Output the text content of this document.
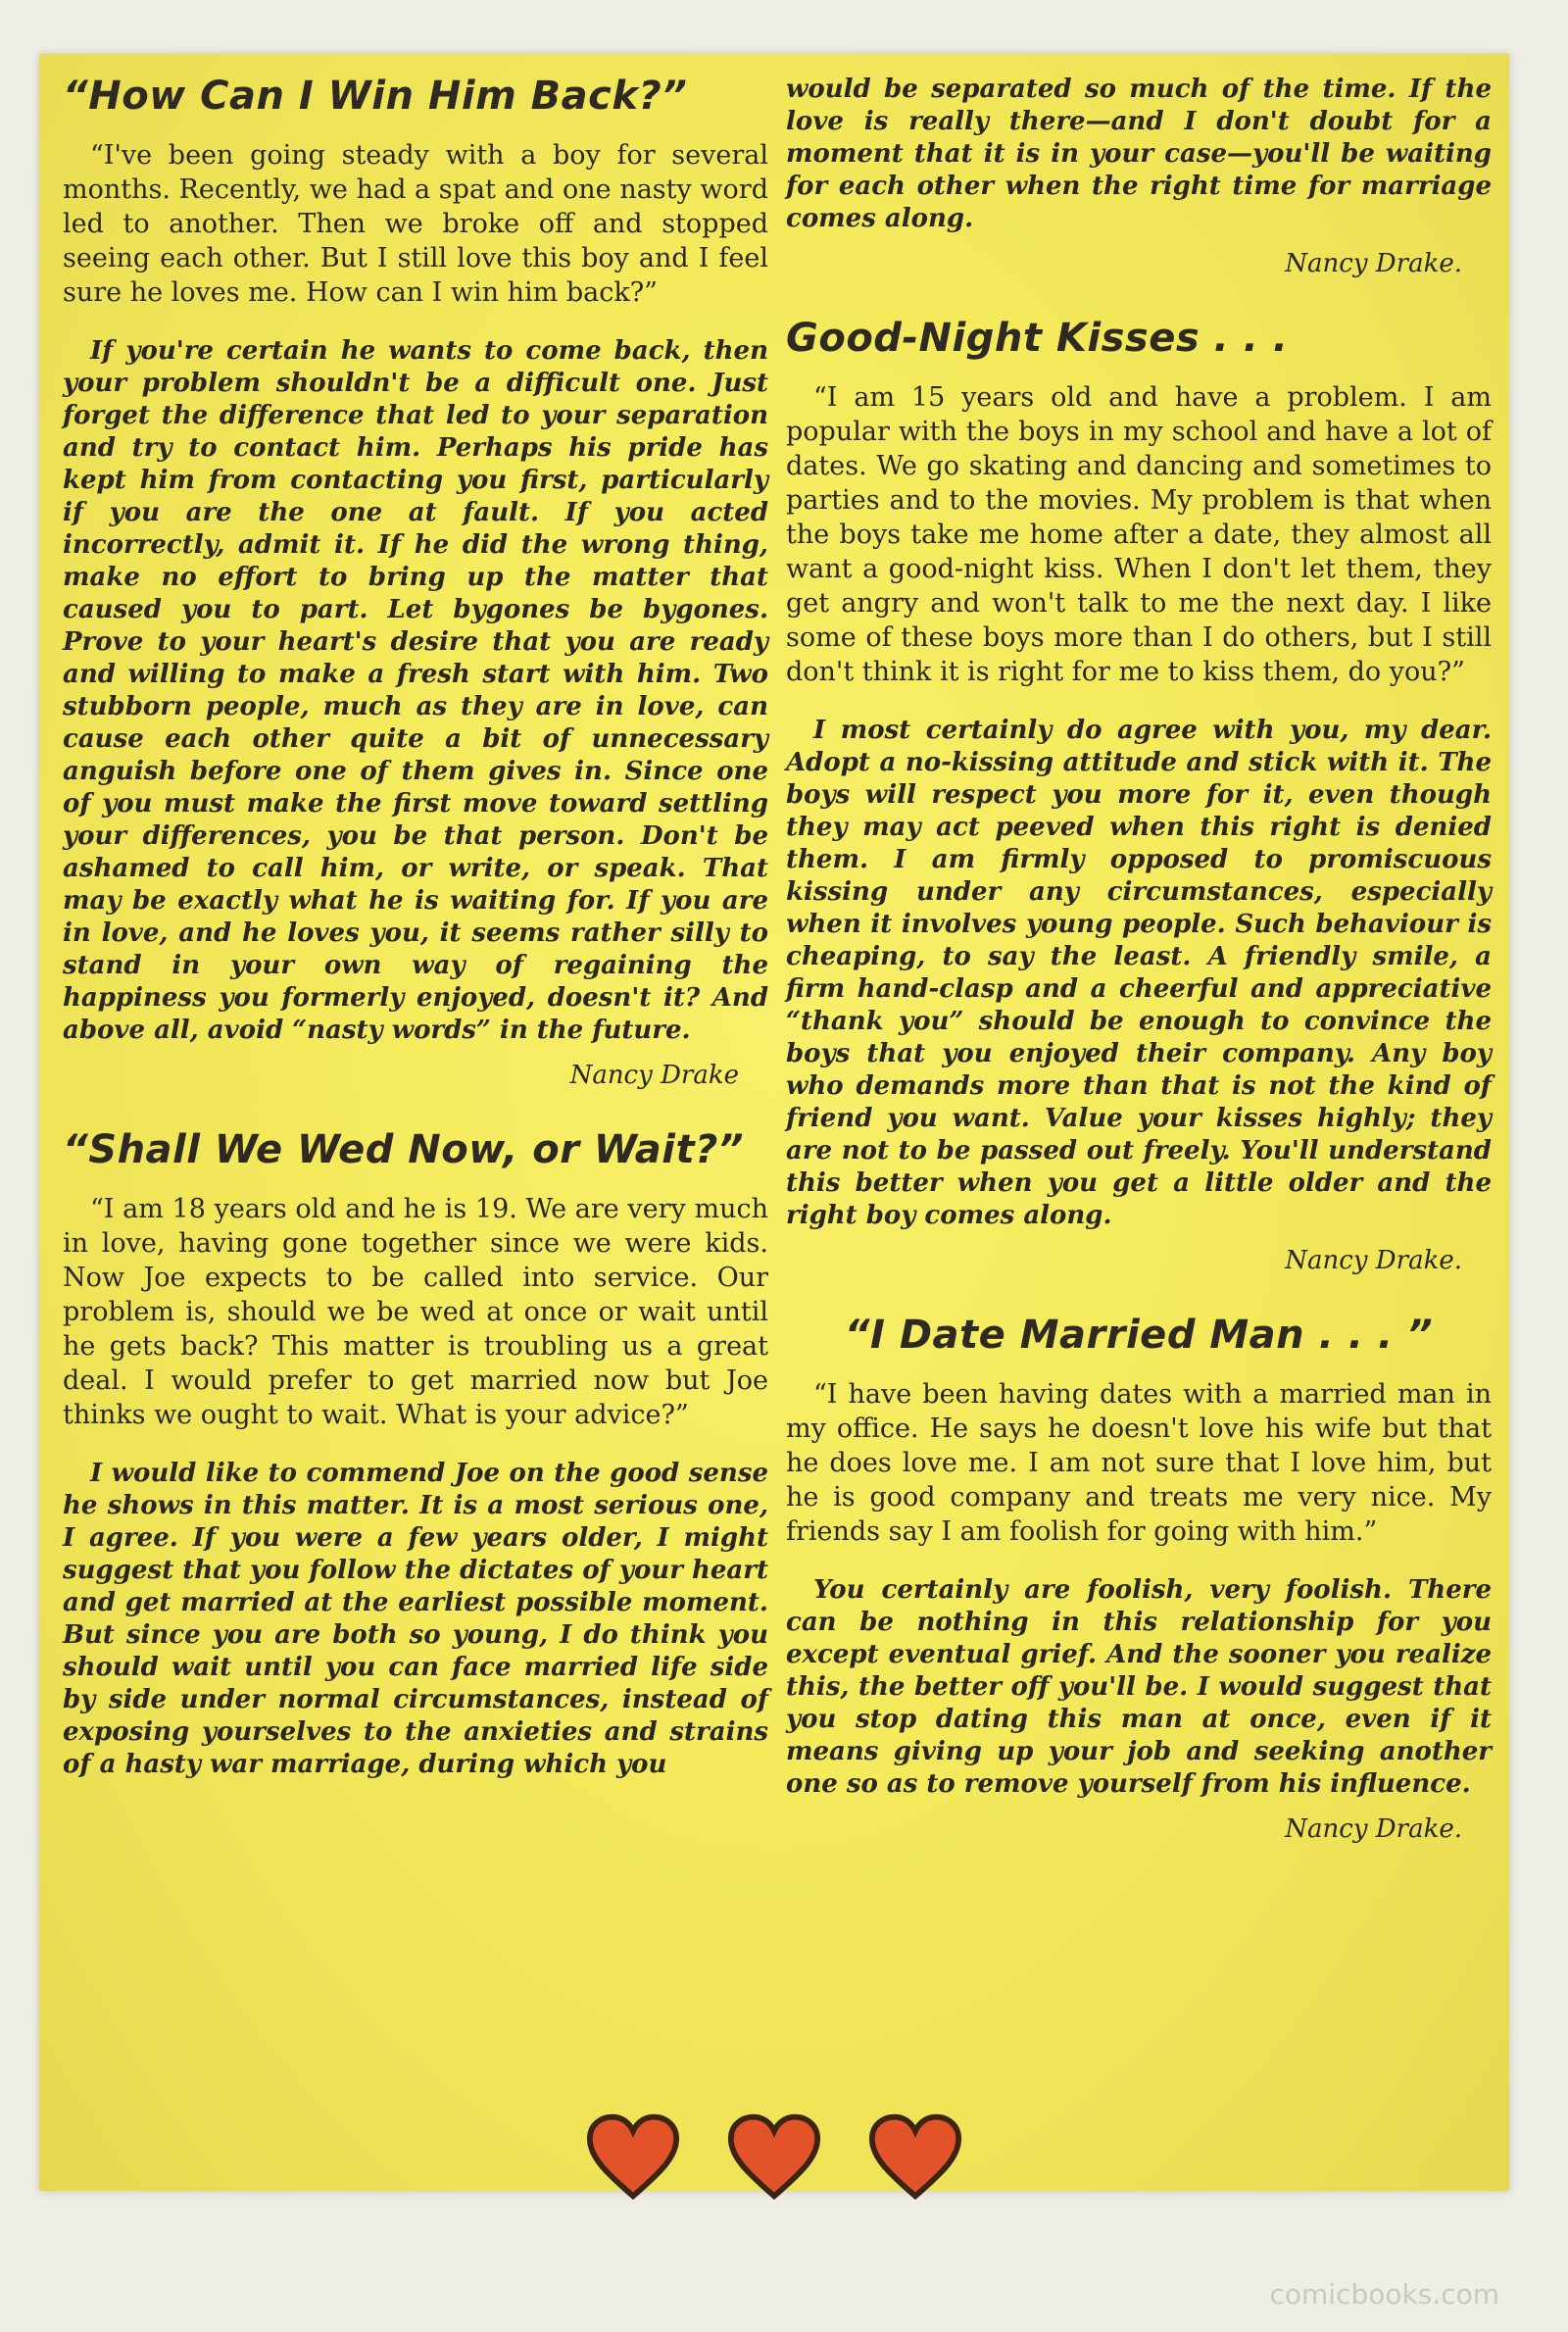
“How Can I Win Him Back?”

“I've been going steady with a boy for several months. Recently, we had a spat and one nasty word led to another. Then we broke off and stopped seeing each other. But I still love this boy and I feel sure he loves me. How can I win him back?”

If you're certain he wants to come back, then your problem shouldn't be a difficult one. Just forget the difference that led to your separation and try to contact him. Perhaps his pride has kept him from contacting you first, particularly if you are the one at fault. If you acted incorrectly, admit it. If he did the wrong thing, make no effort to bring up the matter that caused you to part. Let bygones be bygones. Prove to your heart's desire that you are ready and willing to make a fresh start with him. Two stubborn people, much as they are in love, can cause each other quite a bit of unnecessary anguish before one of them gives in. Since one of you must make the first move toward settling your differences, you be that person. Don't be ashamed to call him, or write, or speak. That may be exactly what he is waiting for. If you are in love, and he loves you, it seems rather silly to stand in your own way of regaining the happiness you formerly enjoyed, doesn't it? And above all, avoid “nasty words” in the future.

Nancy Drake

“Shall We Wed Now, or Wait?”

“I am 18 years old and he is 19. We are very much in love, having gone together since we were kids. Now Joe expects to be called into service. Our problem is, should we be wed at once or wait until he gets back? This matter is troubling us a great deal. I would prefer to get married now but Joe thinks we ought to wait. What is your advice?”

I would like to commend Joe on the good sense he shows in this matter. It is a most serious one, I agree. If you were a few years older, I might suggest that you follow the dictates of your heart and get married at the earliest possible moment. But since you are both so young, I do think you should wait until you can face married life side by side under normal circumstances, instead of exposing yourselves to the anxieties and strains of a hasty war marriage, during which you

would be separated so much of the time. If the love is really there—and I don't doubt for a moment that it is in your case—you'll be waiting for each other when the right time for marriage comes along.

Nancy Drake.

Good-Night Kisses . . .

“I am 15 years old and have a problem. I am popular with the boys in my school and have a lot of dates. We go skating and dancing and sometimes to parties and to the movies. My problem is that when the boys take me home after a date, they almost all want a good-night kiss. When I don't let them, they get angry and won't talk to me the next day. I like some of these boys more than I do others, but I still don't think it is right for me to kiss them, do you?”

I most certainly do agree with you, my dear. Adopt a no-kissing attitude and stick with it. The boys will respect you more for it, even though they may act peeved when this right is denied them. I am firmly opposed to promiscuous kissing under any circumstances, especially when it involves young people. Such behaviour is cheaping, to say the least. A friendly smile, a firm hand-clasp and a cheerful and appreciative “thank you” should be enough to convince the boys that you enjoyed their company. Any boy who demands more than that is not the kind of friend you want. Value your kisses highly; they are not to be passed out freely. You'll understand this better when you get a little older and the right boy comes along.

Nancy Drake.

“I Date Married Man . . . ”

“I have been having dates with a married man in my office. He says he doesn't love his wife but that he does love me. I am not sure that I love him, but he is good company and treats me very nice. My friends say I am foolish for going with him.”

You certainly are foolish, very foolish. There can be nothing in this relationship for you except eventual grief. And the sooner you realize this, the better off you'll be. I would suggest that you stop dating this man at once, even if it means giving up your job and seeking another one so as to remove yourself from his influence.

Nancy Drake.

comicbooks.com
